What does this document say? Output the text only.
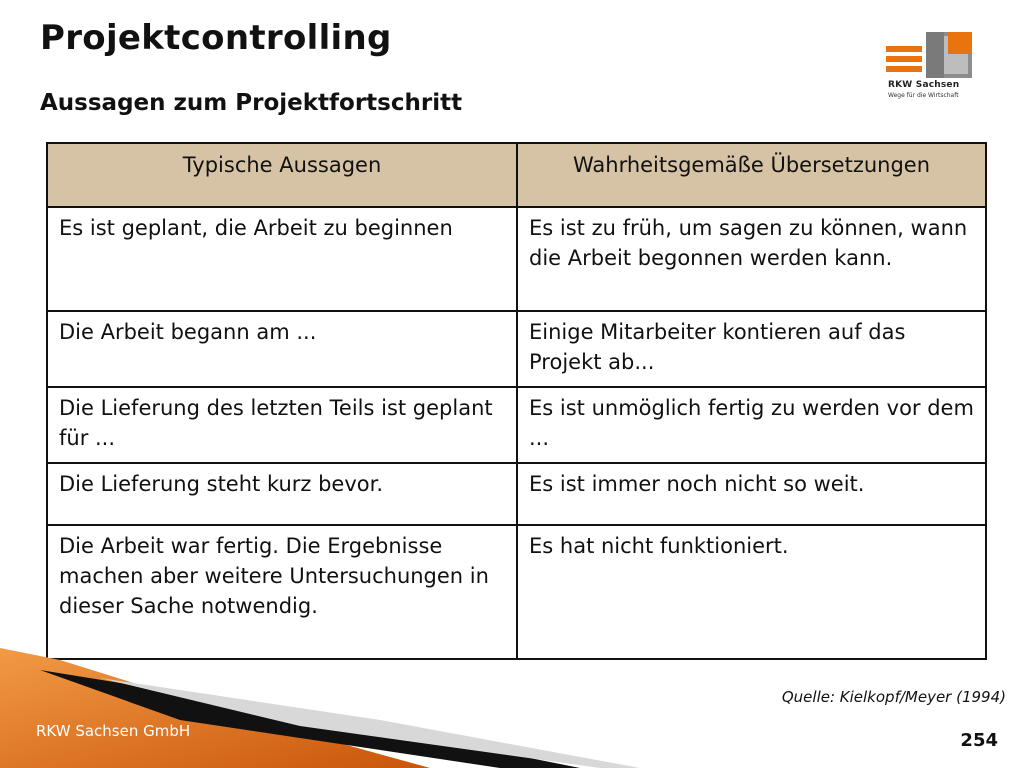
Projektcontrolling
Aussagen zum Projektfortschritt
RKW Sachsen
Wege für die Wirtschaft
Typische Aussagen	Wahrheitsgemäße Übersetzungen
Es ist geplant, die Arbeit zu beginnen	Es ist zu früh, um sagen zu können, wann die Arbeit begonnen werden kann.
Die Arbeit begann am ...	Einige Mitarbeiter kontieren auf das Projekt ab...
Die Lieferung des letzten Teils ist geplant für ...	Es ist unmöglich fertig zu werden vor dem ...
Die Lieferung steht kurz bevor.	Es ist immer noch nicht so weit.
Die Arbeit war fertig. Die Ergebnisse machen aber weitere Untersuchungen in dieser Sache notwendig.	Es hat nicht funktioniert.
Quelle: Kielkopf/Meyer (1994)
RKW Sachsen GmbH	254
